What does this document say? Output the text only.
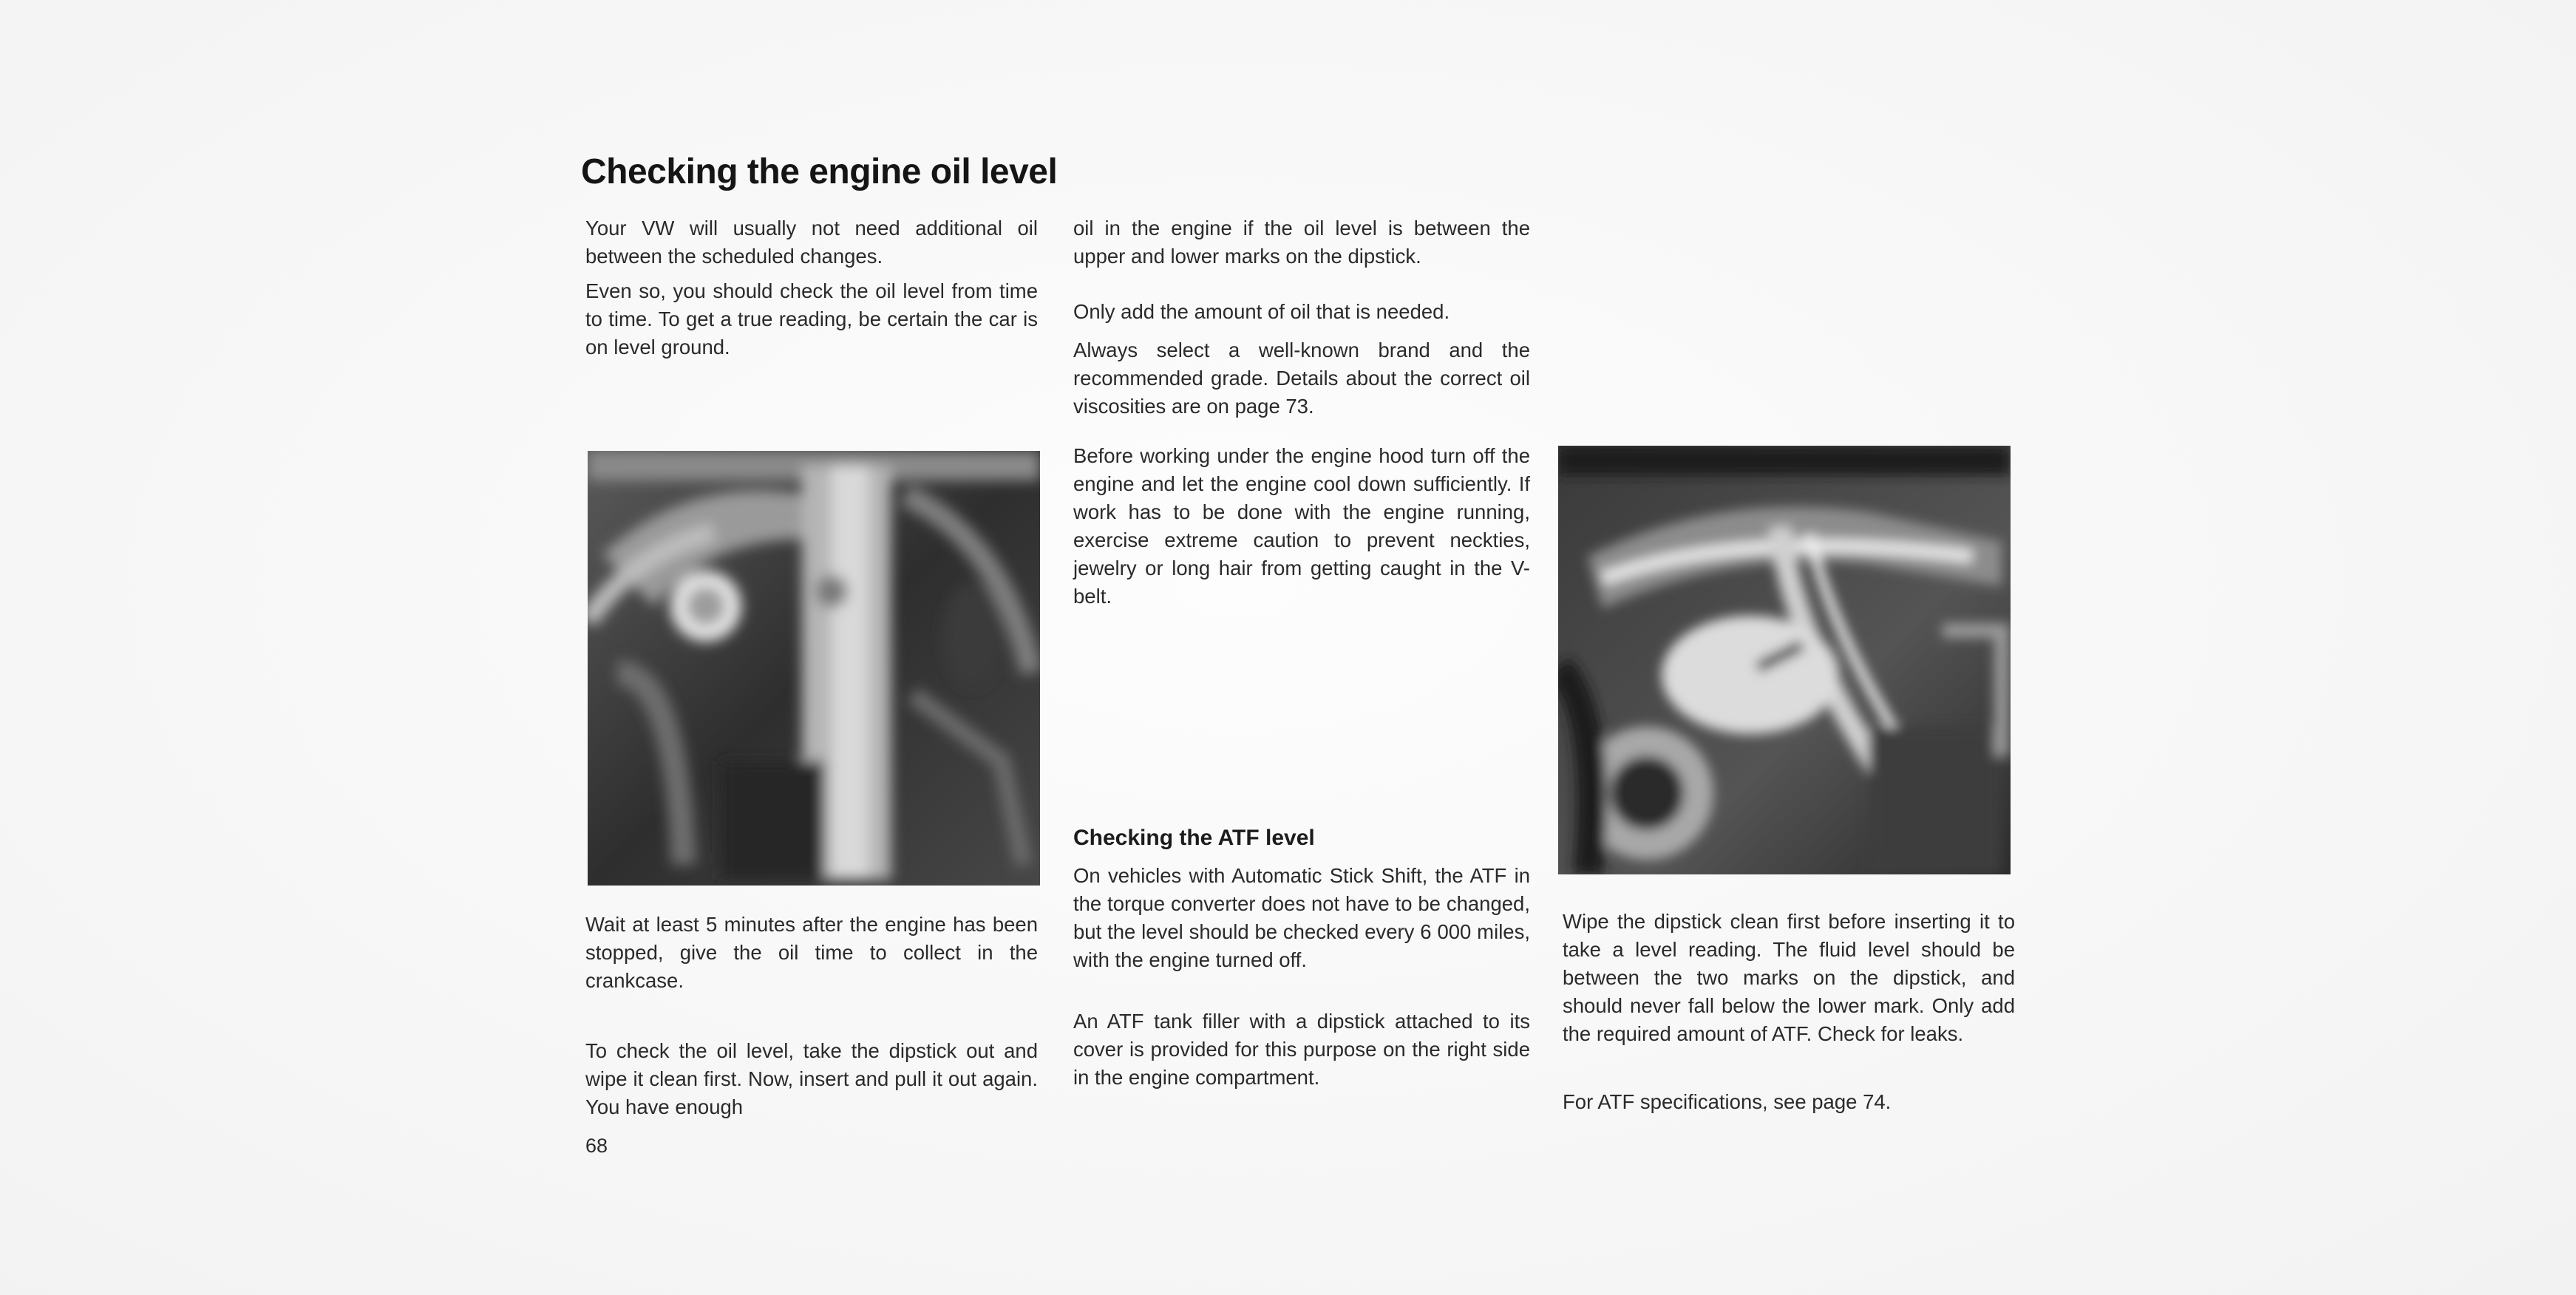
Checking the engine oil level

Your VW will usually not need additional oil between the scheduled changes.

Even so, you should check the oil level from time to time. To get a true reading, be certain the car is on level ground.

Wait at least 5 minutes after the engine has been stopped, give the oil time to collect in the crankcase.

To check the oil level, take the dipstick out and wipe it clean first. Now, insert and pull it out again. You have enough

68

oil in the engine if the oil level is between the upper and lower marks on the dipstick.

Only add the amount of oil that is needed.

Always select a well-known brand and the recommended grade. Details about the correct oil viscosities are on page 73.

Before working under the engine hood turn off the engine and let the engine cool down sufficiently. If work has to be done with the engine running, exercise extreme caution to prevent neckties, jewelry or long hair from getting caught in the V-belt.

Checking the ATF level

On vehicles with Automatic Stick Shift, the ATF in the torque converter does not have to be changed, but the level should be checked every 6 000 miles, with the engine turned off.

An ATF tank filler with a dipstick attached to its cover is provided for this purpose on the right side in the engine compartment.

Wipe the dipstick clean first before inserting it to take a level reading. The fluid level should be between the two marks on the dipstick, and should never fall below the lower mark. Only add the required amount of ATF. Check for leaks.

For ATF specifications, see page 74.
